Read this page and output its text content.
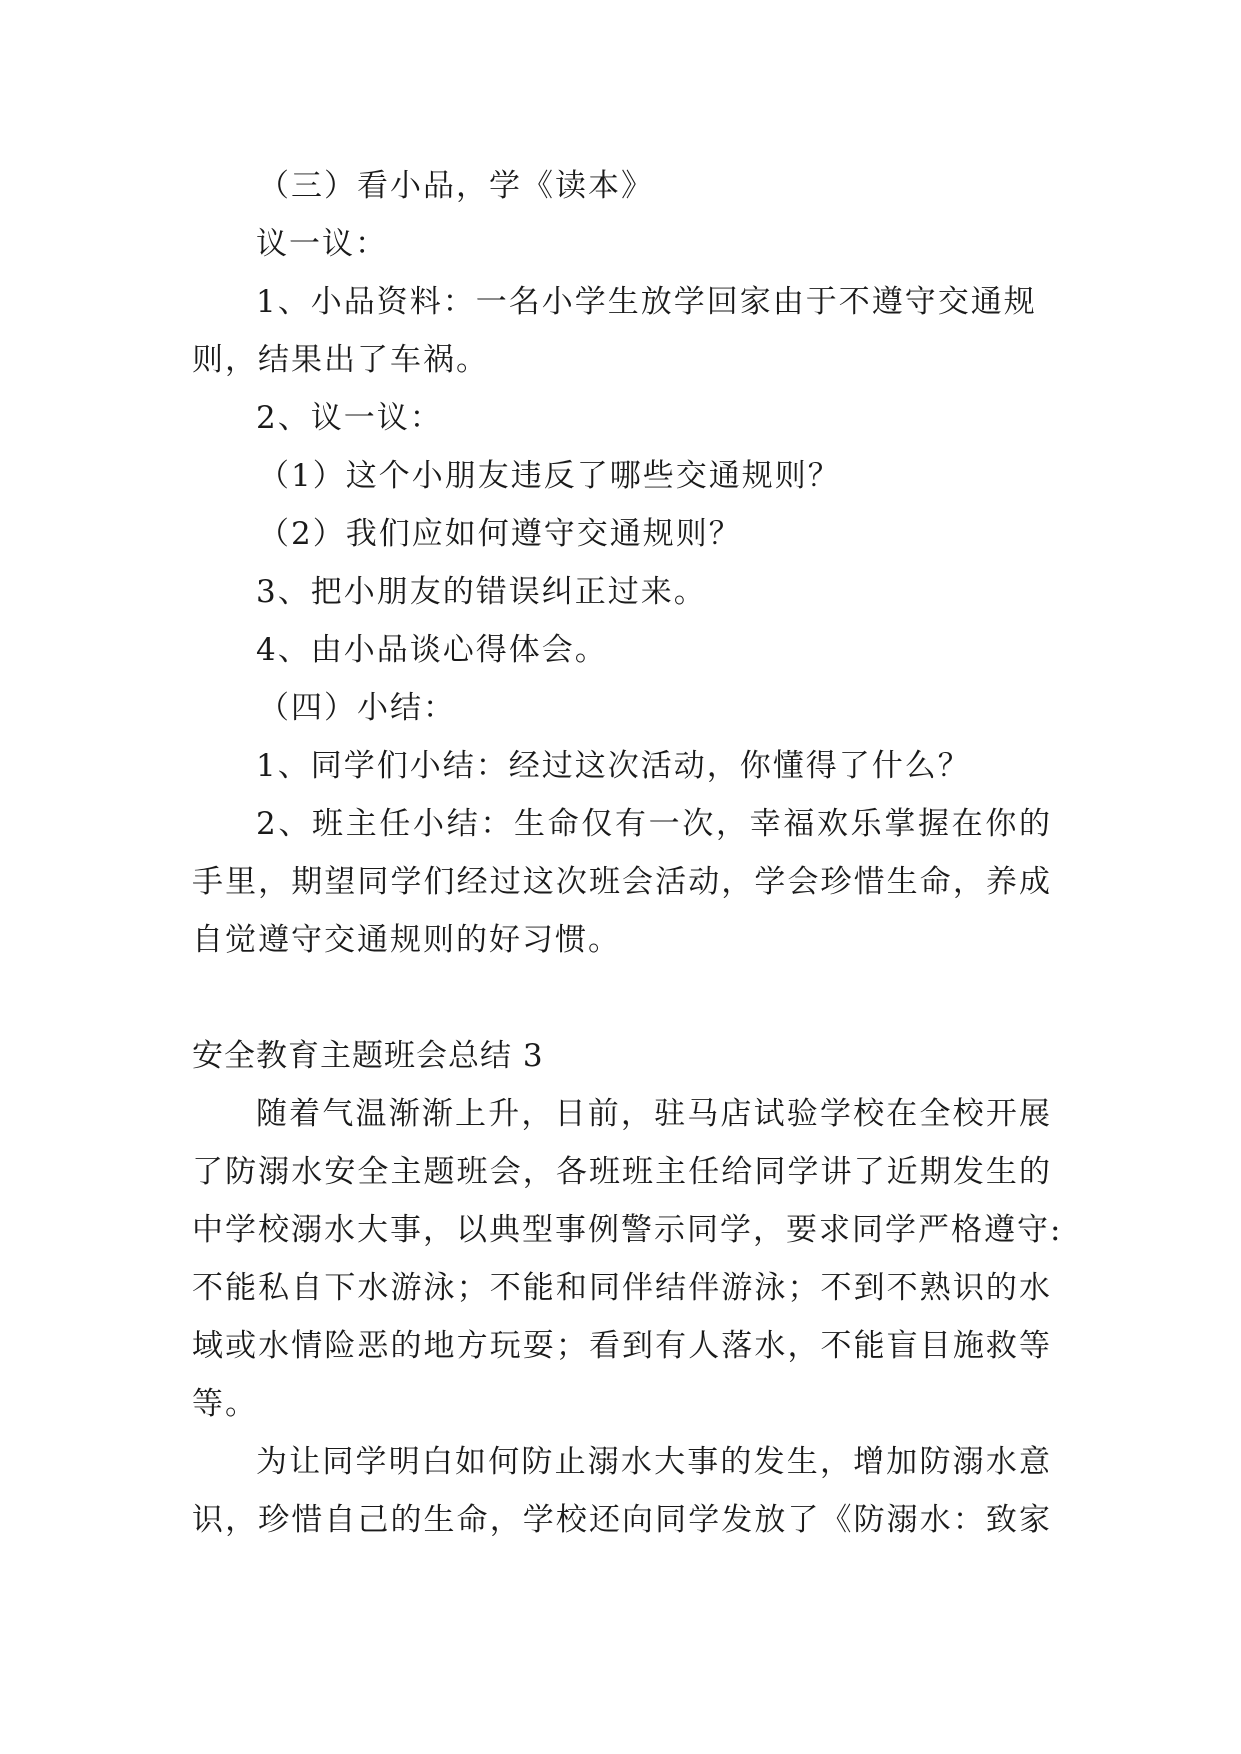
（三）看小品，学《读本》
议一议：
1、小品资料：一名小学生放学回家由于不遵守交通规
则，结果出了车祸。
2、议一议：
（1）这个小朋友违反了哪些交通规则？
（2）我们应如何遵守交通规则？
3、把小朋友的错误纠正过来。
4、由小品谈心得体会。
（四）小结：
1、同学们小结：经过这次活动，你懂得了什么？
2、班主任小结：生命仅有一次，幸福欢乐掌握在你的
手里，期望同学们经过这次班会活动，学会珍惜生命，养成
自觉遵守交通规则的好习惯。
安全教育主题班会总结 3
随着气温渐渐上升，日前，驻马店试验学校在全校开展
了防溺水安全主题班会，各班班主任给同学讲了近期发生的
中学校溺水大事，以典型事例警示同学，要求同学严格遵守:
不能私自下水游泳；不能和同伴结伴游泳；不到不熟识的水
域或水情险恶的地方玩耍；看到有人落水，不能盲目施救等
等。
为让同学明白如何防止溺水大事的发生，增加防溺水意
识，珍惜自己的生命，学校还向同学发放了《防溺水：致家
